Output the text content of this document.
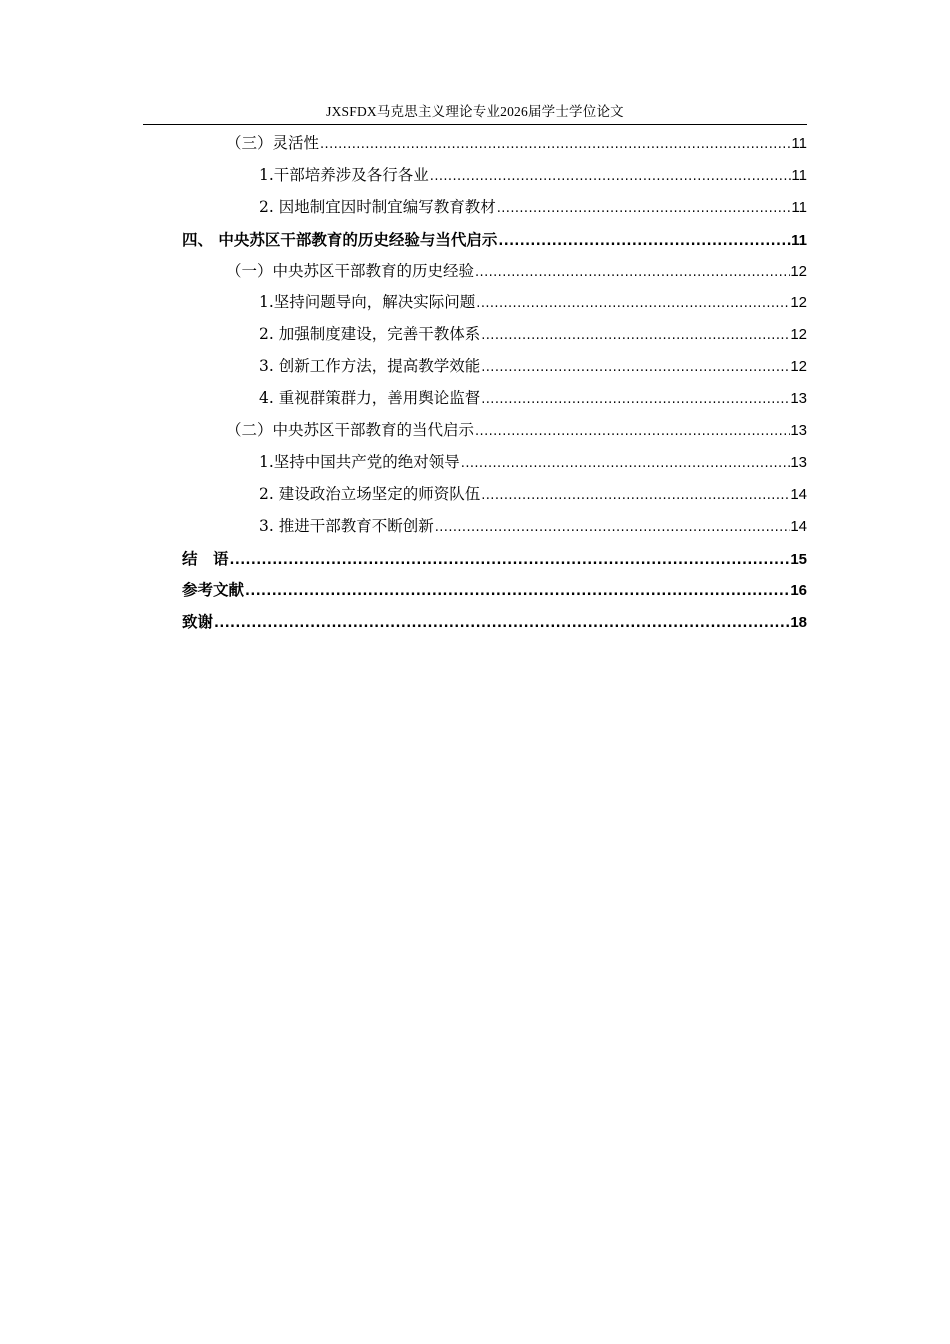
JXSFDX马克思主义理论专业2026届学士学位论文
（三）灵活性 .....	11
1.干部培养涉及各行各业 .....	11
2. 因地制宜因时制宜编写教育教材 .....	11
四、 中央苏区干部教育的历史经验与当代启示 .....	11
（一）中央苏区干部教育的历史经验 .....	12
1.坚持问题导向，解决实际问题 .....	12
2. 加强制度建设，完善干教体系 .....	12
3. 创新工作方法，提高教学效能 .....	12
4. 重视群策群力，善用舆论监督 .....	13
（二）中央苏区干部教育的当代启示 .....	13
1.坚持中国共产党的绝对领导 .....	13
2. 建设政治立场坚定的师资队伍 .....	14
3. 推进干部教育不断创新 .....	14
结　语 .....	15
参考文献 .....	16
致谢 .....	18
